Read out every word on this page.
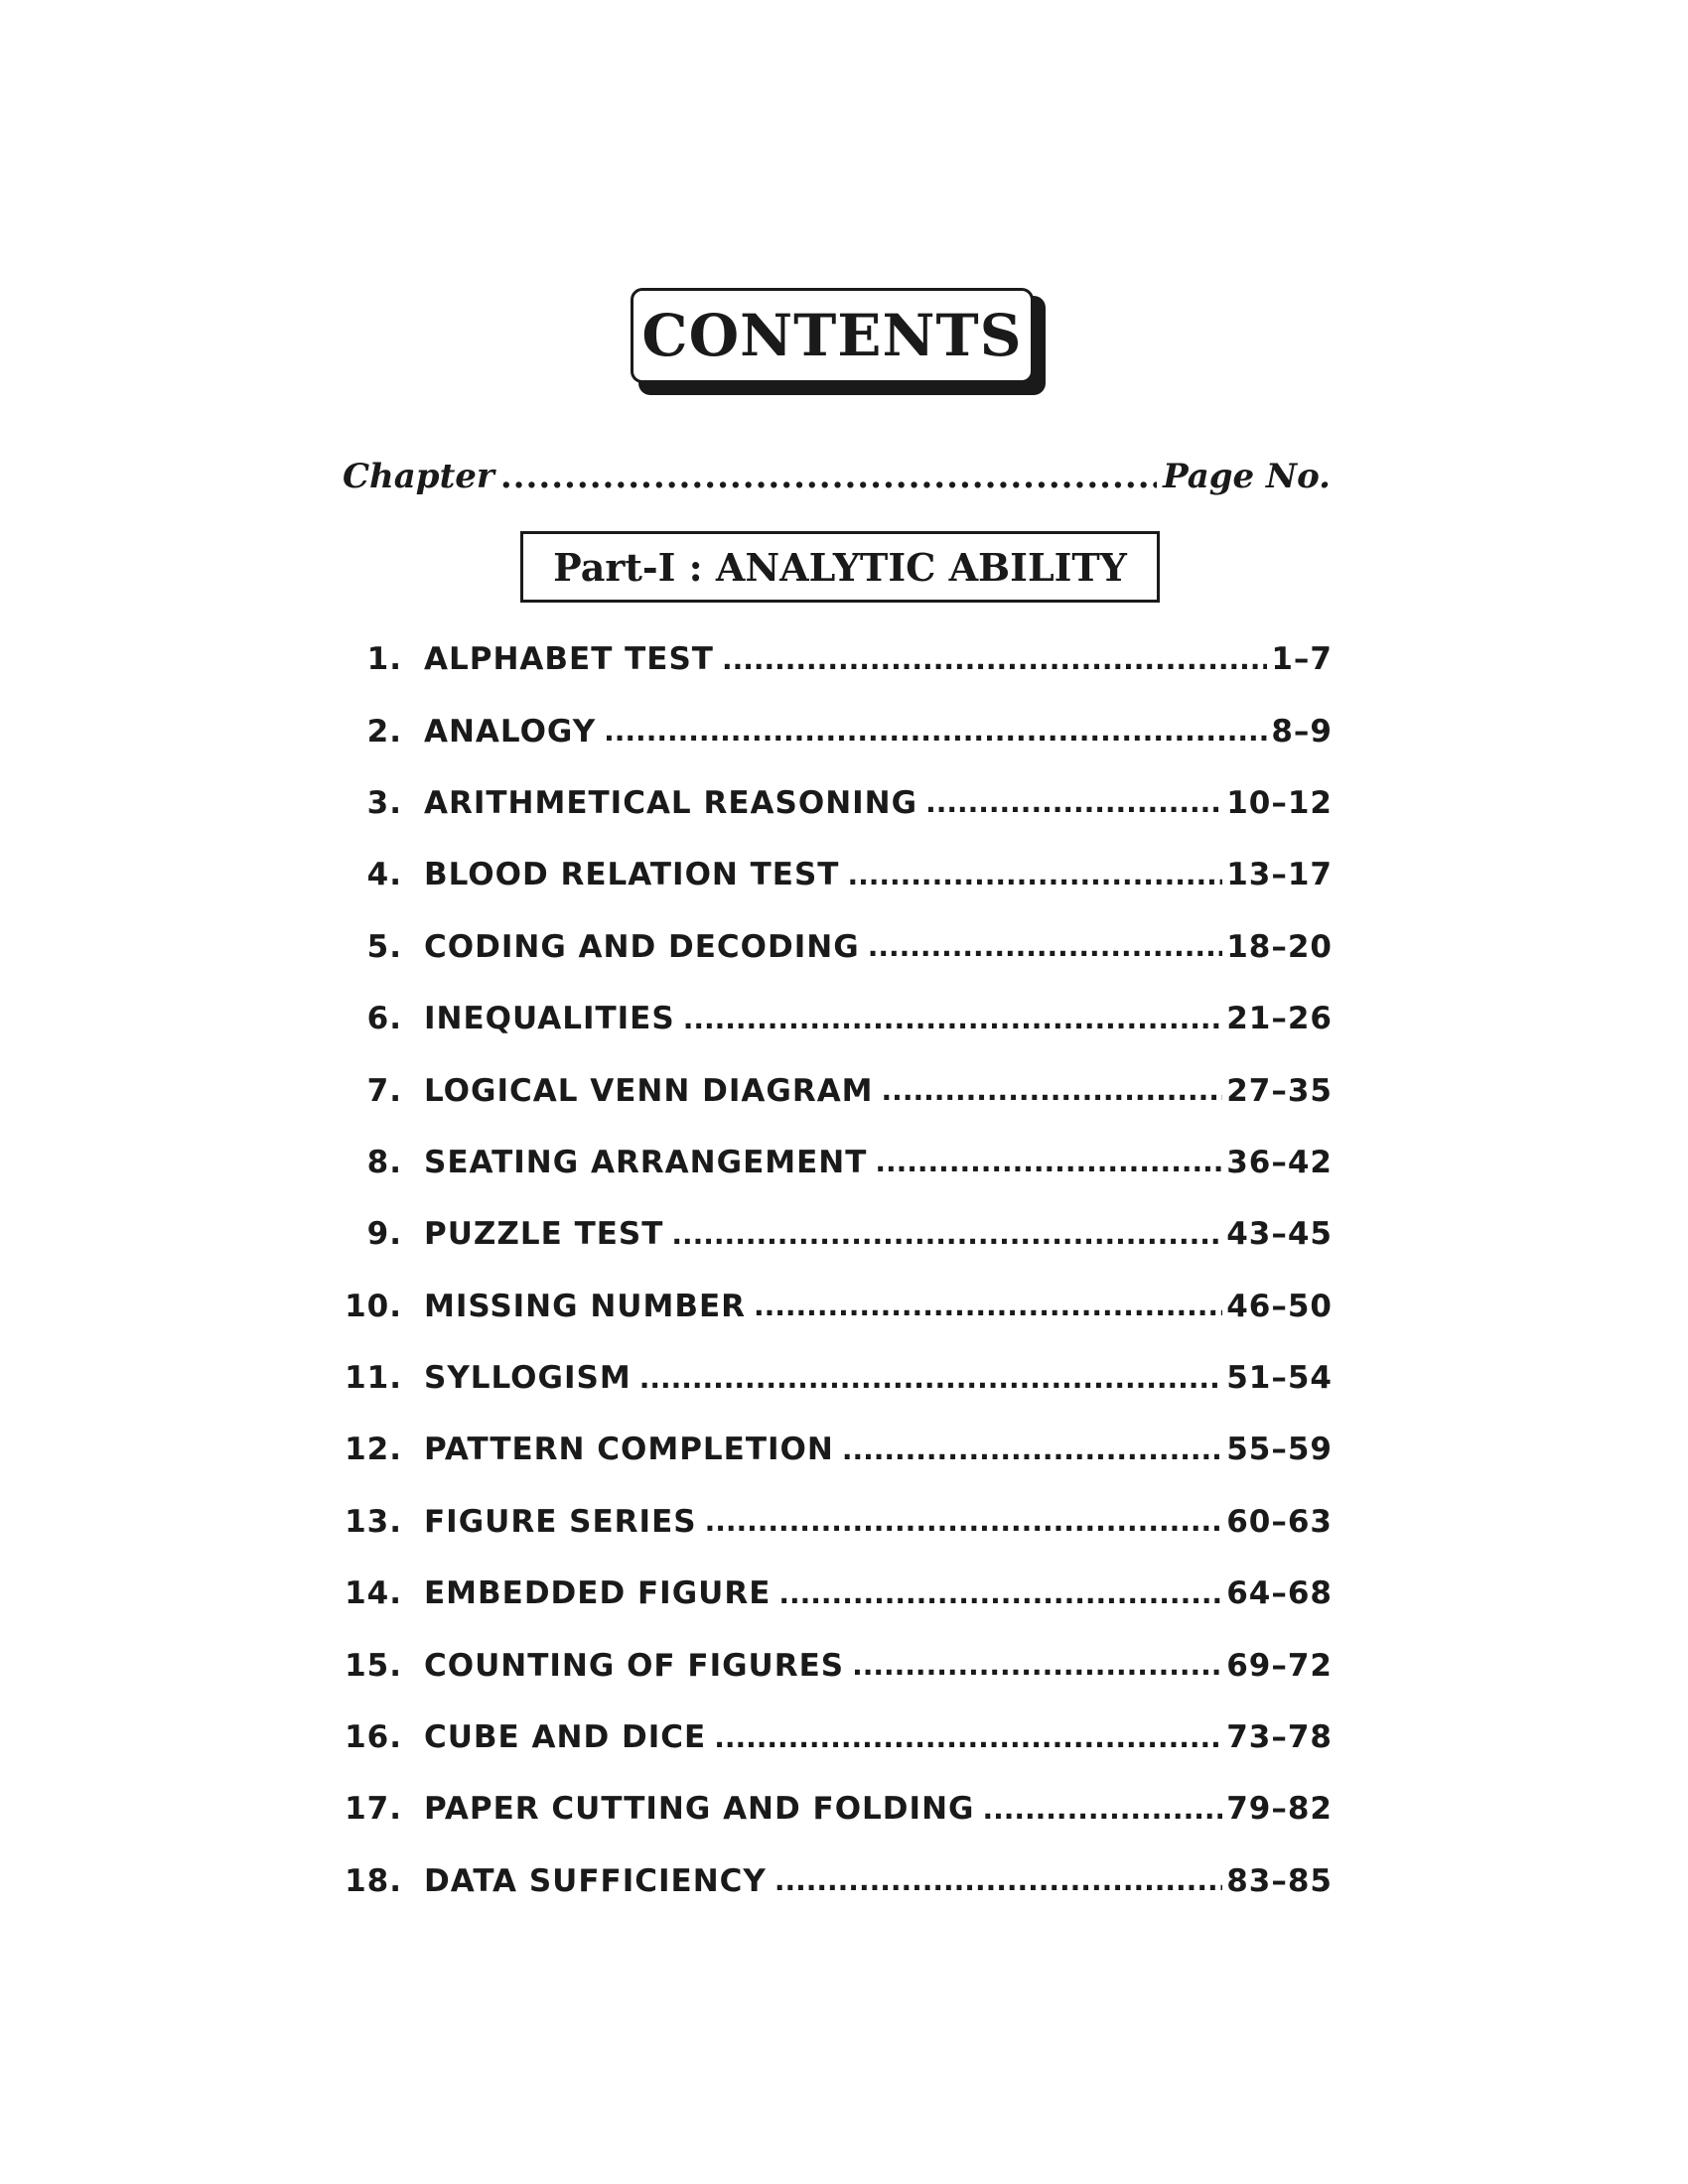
CONTENTS
Chapter .....	Page No.
Part-I : ANALYTIC ABILITY
1. ALPHABET TEST .....	1–7
2. ANALOGY .....	8–9
3. ARITHMETICAL REASONING .....	10–12
4. BLOOD RELATION TEST .....	13–17
5. CODING AND DECODING .....	18–20
6. INEQUALITIES .....	21–26
7. LOGICAL VENN DIAGRAM .....	27–35
8. SEATING ARRANGEMENT .....	36–42
9. PUZZLE TEST .....	43–45
10. MISSING NUMBER .....	46–50
11. SYLLOGISM .....	51–54
12. PATTERN COMPLETION .....	55–59
13. FIGURE SERIES .....	60–63
14. EMBEDDED FIGURE .....	64–68
15. COUNTING OF FIGURES .....	69–72
16. CUBE AND DICE .....	73–78
17. PAPER CUTTING AND FOLDING .....	79–82
18. DATA SUFFICIENCY .....	83–85
